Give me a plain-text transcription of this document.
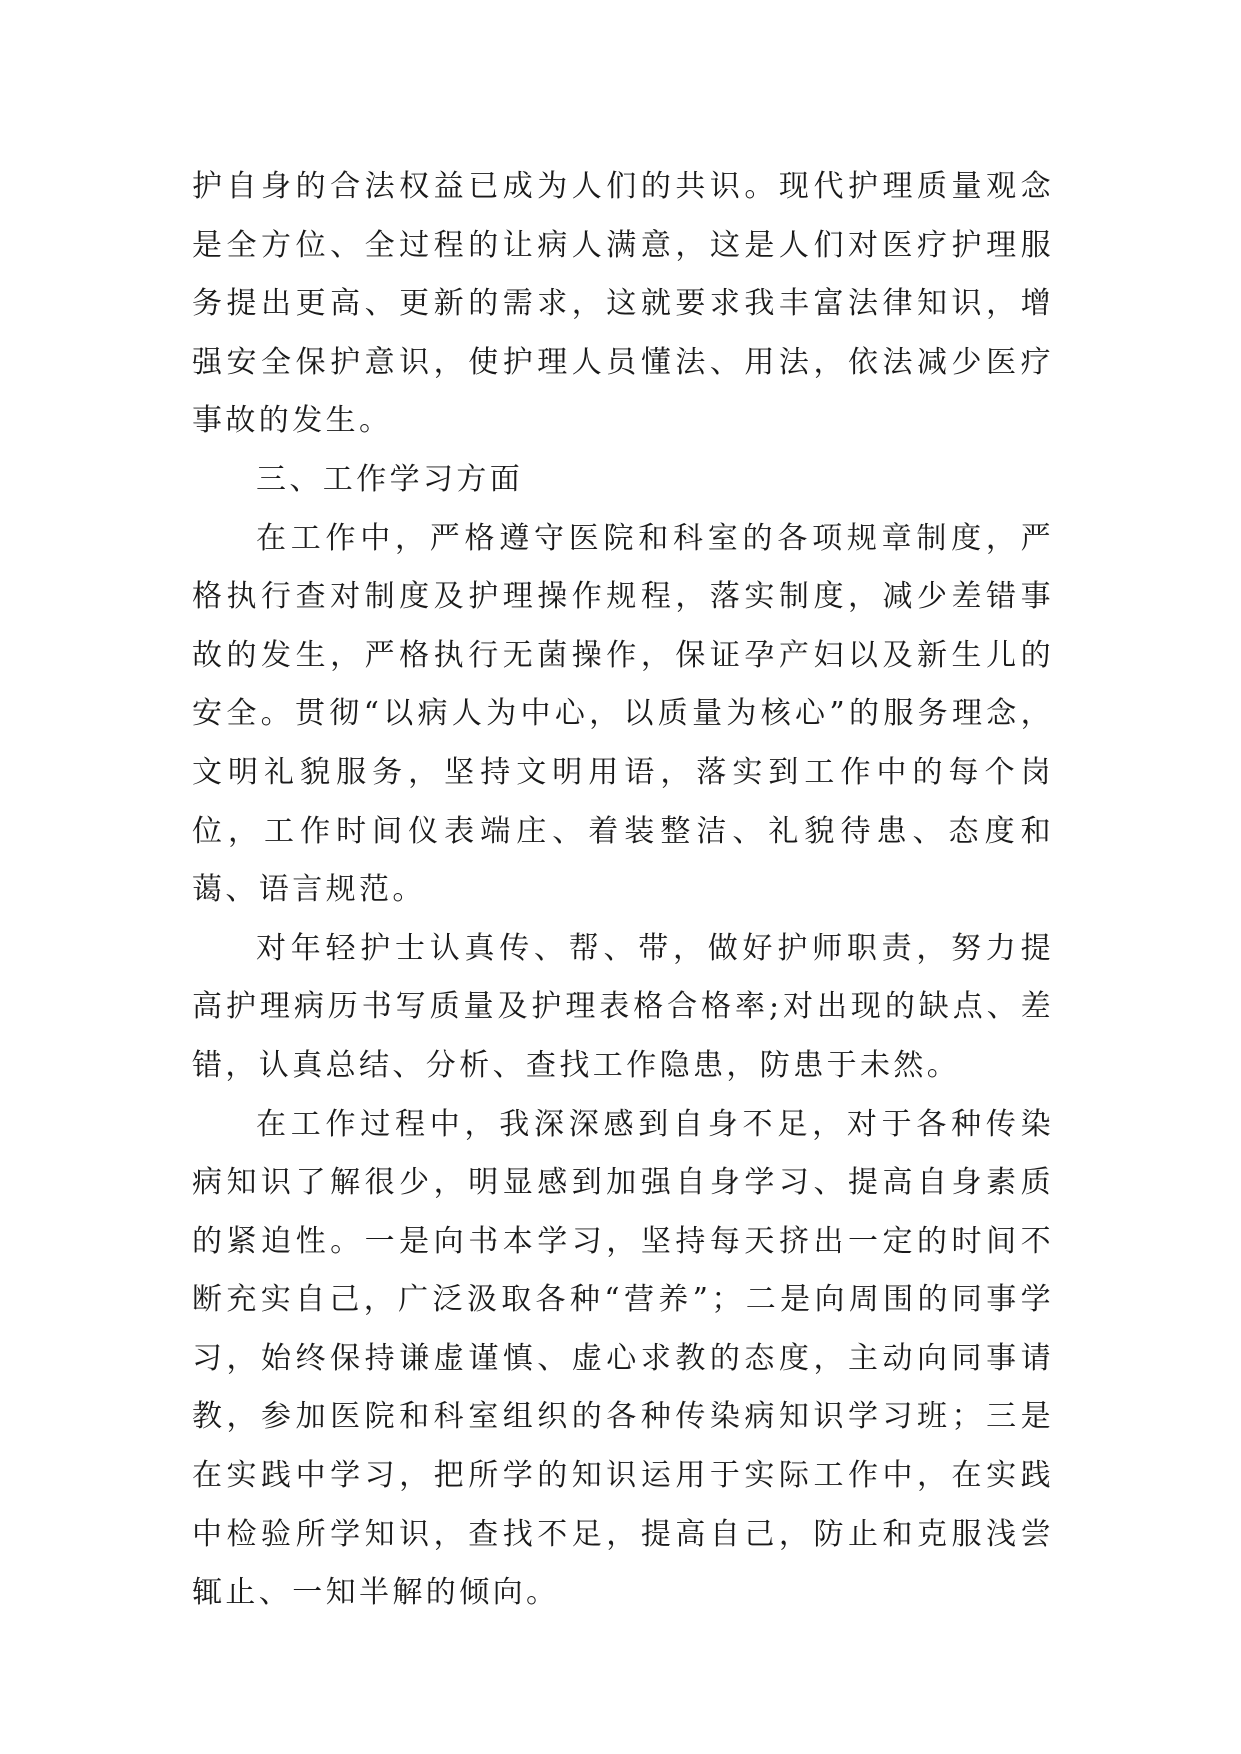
护自身的合法权益已成为人们的共识。现代护理质量观念是全方位、全过程的让病人满意，这是人们对医疗护理服务提出更高、更新的需求，这就要求我丰富法律知识，增强安全保护意识，使护理人员懂法、用法，依法减少医疗事故的发生。

三、工作学习方面

在工作中，严格遵守医院和科室的各项规章制度，严格执行查对制度及护理操作规程，落实制度，减少差错事故的发生，严格执行无菌操作，保证孕产妇以及新生儿的安全。贯彻“以病人为中心，以质量为核心”的服务理念，文明礼貌服务，坚持文明用语，落实到工作中的每个岗位，工作时间仪表端庄、着装整洁、礼貌待患、态度和蔼、语言规范。

对年轻护士认真传、帮、带，做好护师职责，努力提高护理病历书写质量及护理表格合格率;对出现的缺点、差错，认真总结、分析、查找工作隐患，防患于未然。

在工作过程中，我深深感到自身不足，对于各种传染病知识了解很少，明显感到加强自身学习、提高自身素质的紧迫性。一是向书本学习，坚持每天挤出一定的时间不断充实自己，广泛汲取各种“营养”；二是向周围的同事学习，始终保持谦虚谨慎、虚心求教的态度，主动向同事请教，参加医院和科室组织的各种传染病知识学习班；三是在实践中学习，把所学的知识运用于实际工作中，在实践中检验所学知识，查找不足，提高自己，防止和克服浅尝辄止、一知半解的倾向。
